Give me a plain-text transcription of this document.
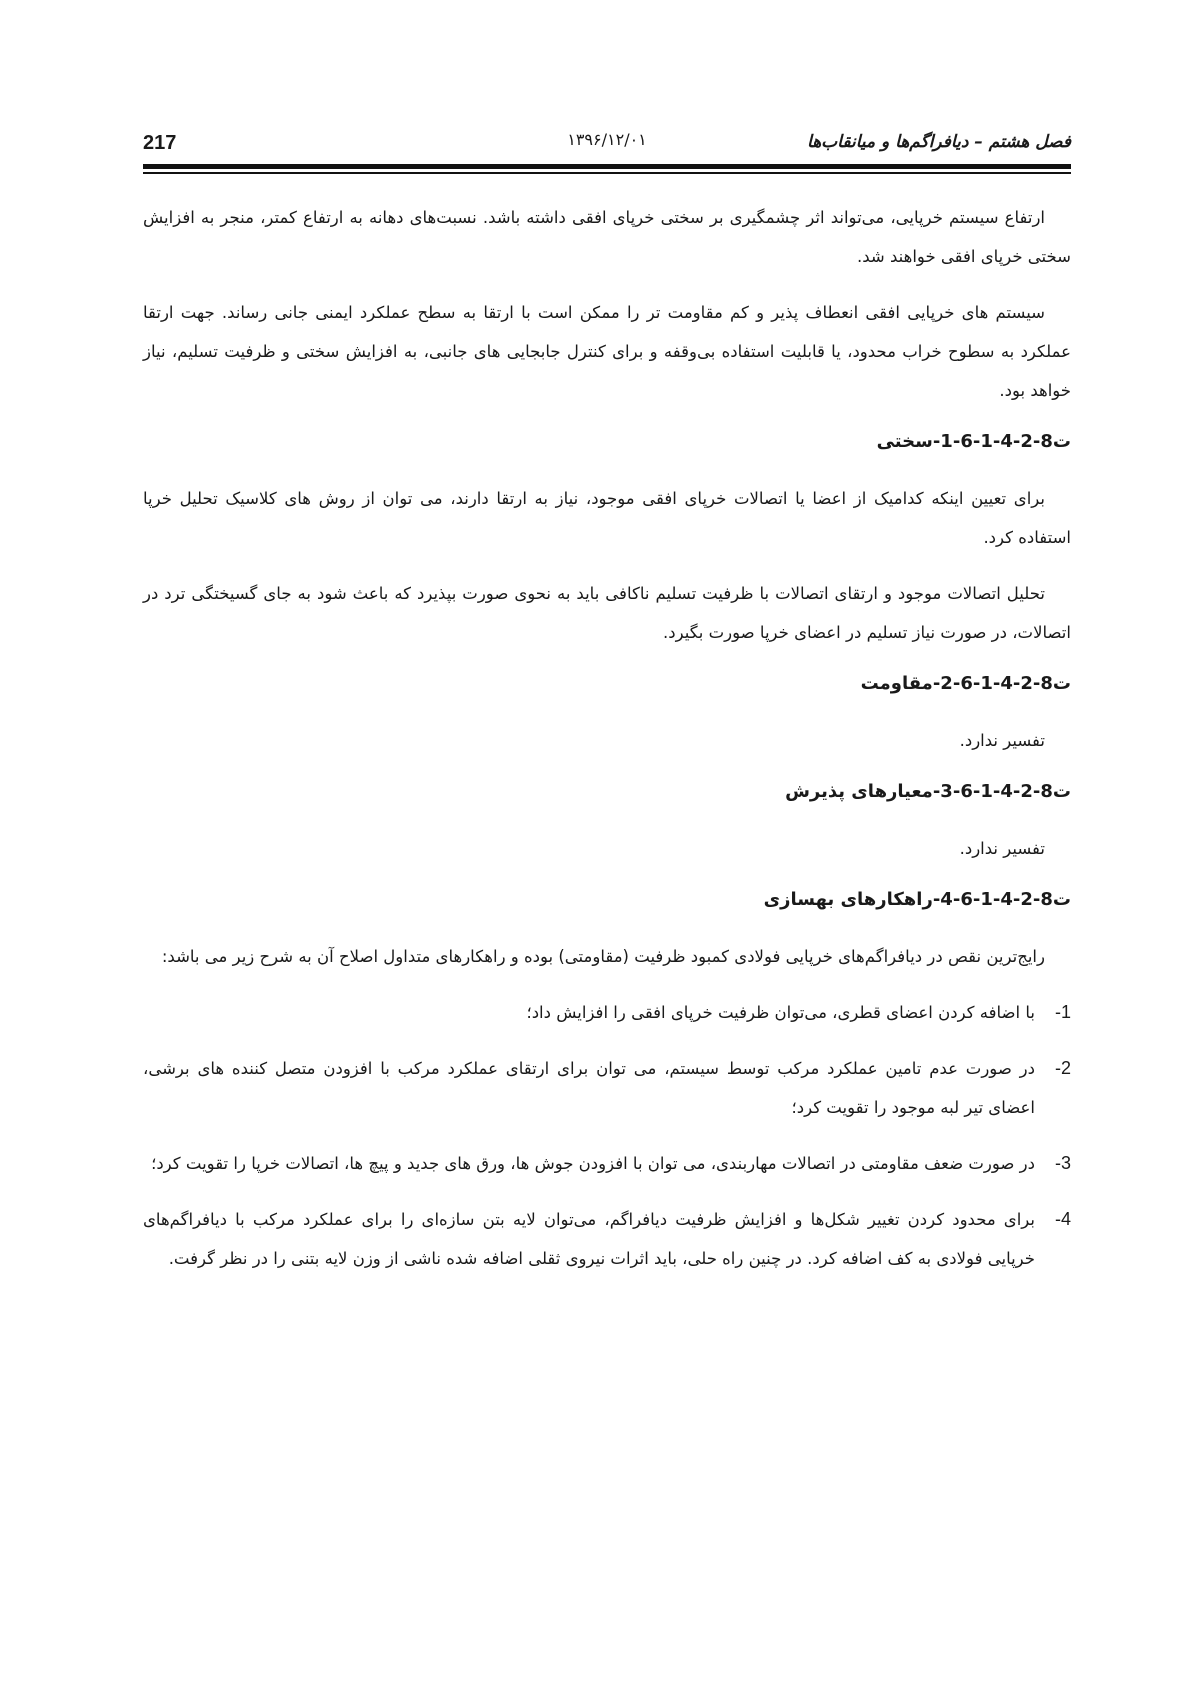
217	۱۳۹۶/۱۲/۰۱	فصل هشتم – دیافراگم‌ها و میانقاب‌ها

ارتفاع سیستم خرپایی، می‌تواند اثر چشمگیری بر سختی خرپای افقی داشته باشد. نسبت‌های دهانه به ارتفاع کمتر، منجر به افزایش سختی خرپای افقی خواهند شد.

سیستم های خرپایی افقی انعطاف پذیر و کم مقاومت تر را ممکن است با ارتقا به سطح عملکرد ایمنی جانی رساند. جهت ارتقا عملکرد به سطوح خراب محدود، یا قابلیت استفاده بی‌وقفه و برای کنترل جابجایی های جانبی، به افزایش سختی و ظرفیت تسلیم، نیاز خواهد بود.

ت8-2-4-1-6-1-سختی

برای تعیین اینکه کدامیک از اعضا یا اتصالات خرپای افقی موجود، نیاز به ارتقا دارند، می توان از روش های کلاسیک تحلیل خرپا استفاده کرد.

تحلیل اتصالات موجود و ارتقای اتصالات با ظرفیت تسلیم ناکافی باید به نحوی صورت بپذیرد که باعث شود به جای گسیختگی ترد در اتصالات، در صورت نیاز تسلیم در اعضای خرپا صورت بگیرد.

ت8-2-4-1-6-2-مقاومت

تفسیر ندارد.

ت8-2-4-1-6-3-معیارهای پذیرش

تفسیر ندارد.

ت8-2-4-1-6-4-راهکارهای بهسازی

رایج‌ترین نقص در دیافراگم‌های خرپایی فولادی کمبود ظرفیت (مقاومتی) بوده و راهکارهای متداول اصلاح آن به شرح زیر می باشد:

-1
با اضافه کردن اعضای قطری، می‌توان ظرفیت خرپای افقی را افزایش داد؛
-2
در صورت عدم تامین عملکرد مرکب توسط سیستم، می توان برای ارتقای عملکرد مرکب با افزودن متصل کننده های برشی، اعضای تیر لبه موجود را تقویت کرد؛
-3
در صورت ضعف مقاومتی در اتصالات مهاربندی، می توان با افزودن جوش ها، ورق های جدید و پیچ ها، اتصالات خرپا را تقویت کرد؛
-4
برای محدود کردن تغییر شکل‌ها و افزایش ظرفیت دیافراگم، می‌توان لایه بتن سازه‌ای را برای عملکرد مرکب با دیافراگم‌های خرپایی فولادی به کف اضافه کرد. در چنین راه حلی، باید اثرات نیروی ثقلی اضافه شده ناشی از وزن لایه بتنی را در نظر گرفت.
